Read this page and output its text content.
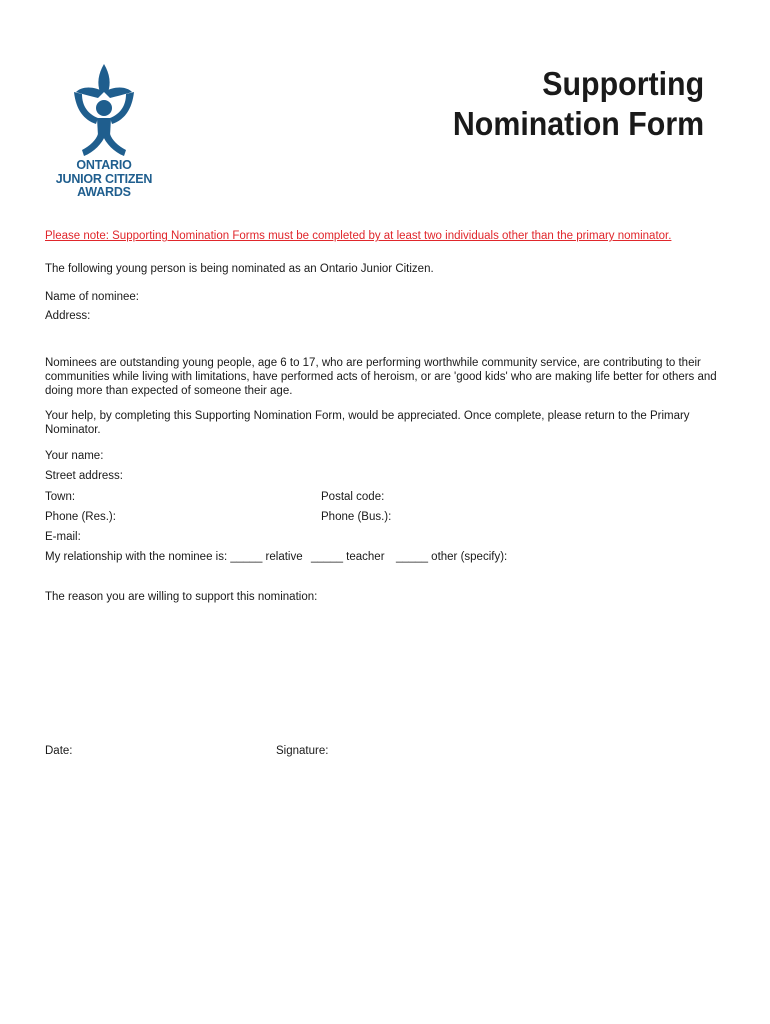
ONTARIO
JUNIOR CITIZEN
AWARDS
Supporting
Nomination Form
Please note: Supporting Nomination Forms must be completed by at least two individuals other than the primary nominator.
The following young person is being nominated as an Ontario Junior Citizen.
Name of nominee:
Address:
Nominees are outstanding young people, age 6 to 17, who are performing worthwhile community service, are contributing to their communities while living with limitations, have performed acts of heroism, or are 'good kids' who are making life better for others and doing more than expected of someone their age.
Your help, by completing this Supporting Nomination Form, would be appreciated. Once complete, please return to the Primary Nominator.
Your name:
Street address:
Town:	Postal code:
Phone (Res.):	Phone (Bus.):
E-mail:
My relationship with the nominee is: _____ relative _____ teacher _____ other (specify):
The reason you are willing to support this nomination:
Date:	Signature:
